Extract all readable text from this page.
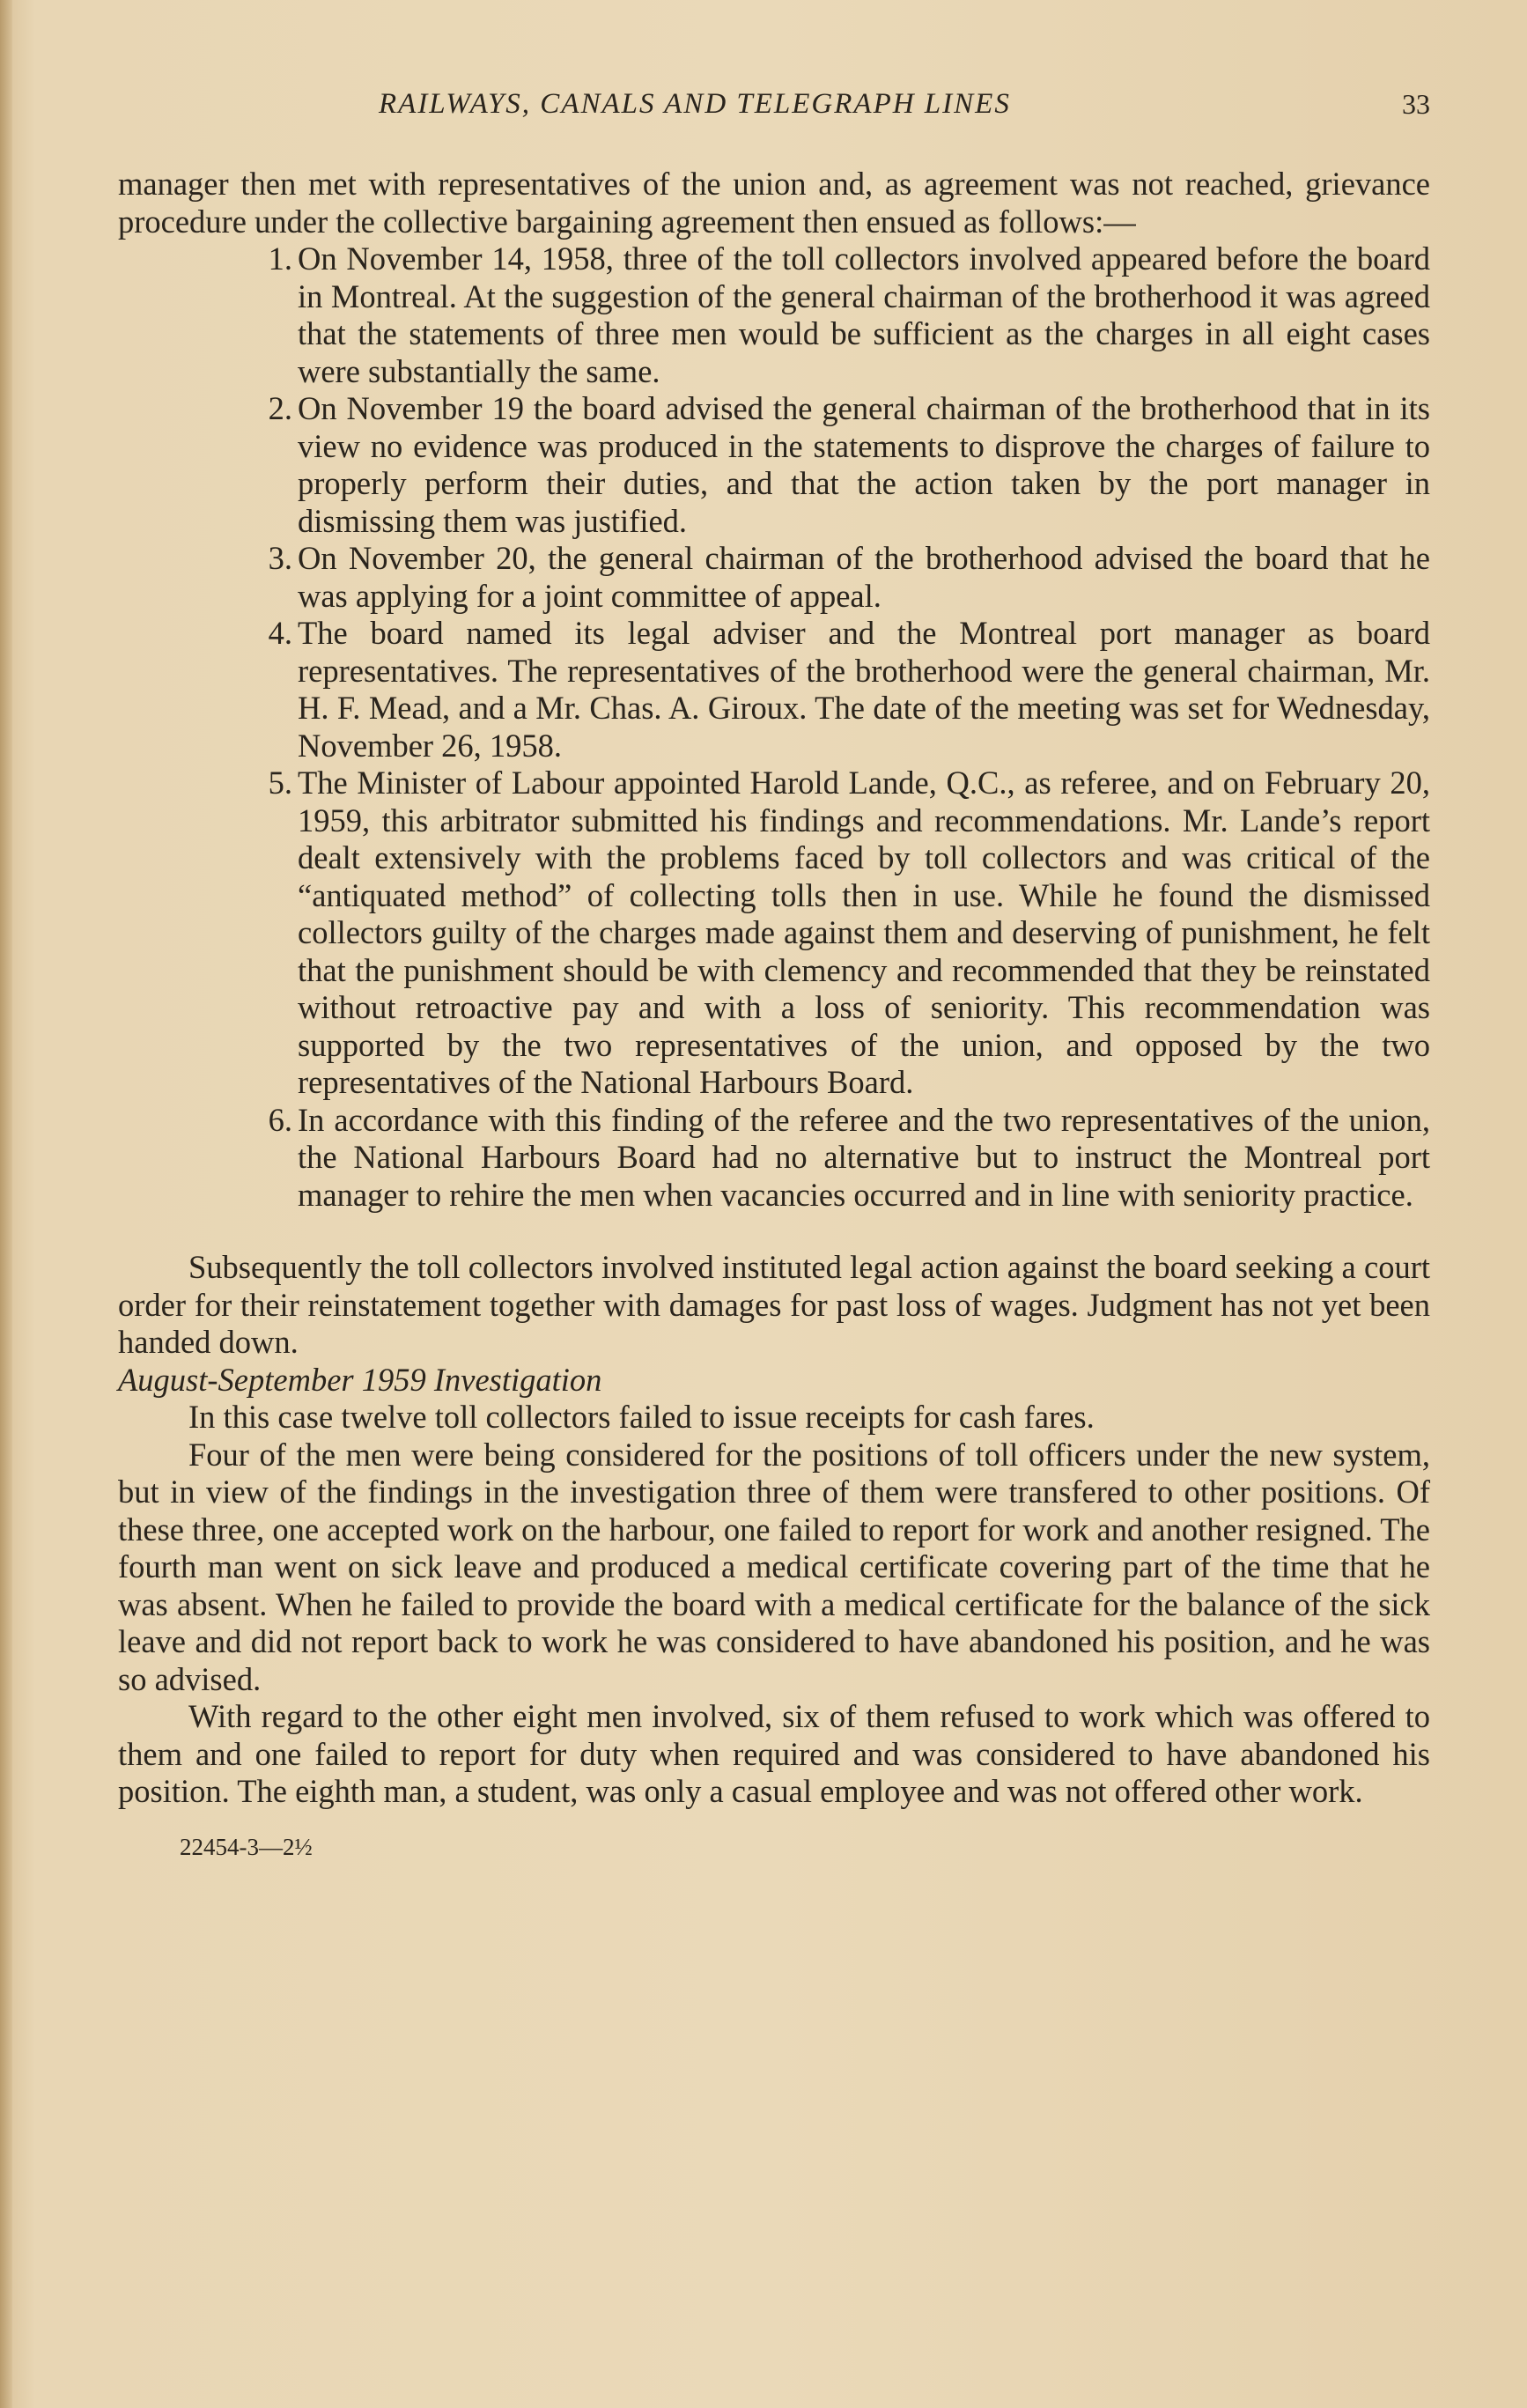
RAILWAYS, CANALS AND TELEGRAPH LINES	33

manager then met with representatives of the union and, as agreement was not reached, grievance procedure under the collective bargaining agreement then ensued as follows:—

1. On November 14, 1958, three of the toll collectors involved appeared before the board in Montreal. At the suggestion of the general chairman of the brotherhood it was agreed that the statements of three men would be sufficient as the charges in all eight cases were substantially the same.
2. On November 19 the board advised the general chairman of the brotherhood that in its view no evidence was produced in the statements to disprove the charges of failure to properly perform their duties, and that the action taken by the port manager in dismissing them was justified.
3. On November 20, the general chairman of the brotherhood advised the board that he was applying for a joint committee of appeal.
4. The board named its legal adviser and the Montreal port manager as board representatives. The representatives of the brotherhood were the general chairman, Mr. H. F. Mead, and a Mr. Chas. A. Giroux. The date of the meeting was set for Wednesday, November 26, 1958.
5. The Minister of Labour appointed Harold Lande, Q.C., as referee, and on February 20, 1959, this arbitrator submitted his findings and recommendations. Mr. Lande’s report dealt extensively with the problems faced by toll collectors and was critical of the “antiquated method” of collecting tolls then in use. While he found the dismissed collectors guilty of the charges made against them and deserving of punishment, he felt that the punishment should be with clemency and recommended that they be reinstated without retroactive pay and with a loss of seniority. This recommendation was supported by the two representatives of the union, and opposed by the two representatives of the National Harbours Board.
6. In accordance with this finding of the referee and the two representatives of the union, the National Harbours Board had no alternative but to instruct the Montreal port manager to rehire the men when vacancies occurred and in line with seniority practice.

Subsequently the toll collectors involved instituted legal action against the board seeking a court order for their reinstatement together with damages for past loss of wages. Judgment has not yet been handed down.

August-September 1959 Investigation

In this case twelve toll collectors failed to issue receipts for cash fares.

Four of the men were being considered for the positions of toll officers under the new system, but in view of the findings in the investigation three of them were transfered to other positions. Of these three, one accepted work on the harbour, one failed to report for work and another resigned. The fourth man went on sick leave and produced a medical certificate covering part of the time that he was absent. When he failed to provide the board with a medical certificate for the balance of the sick leave and did not report back to work he was considered to have abandoned his position, and he was so advised.

With regard to the other eight men involved, six of them refused to work which was offered to them and one failed to report for duty when required and was considered to have abandoned his position. The eighth man, a student, was only a casual employee and was not offered other work.

22454-3—2½
